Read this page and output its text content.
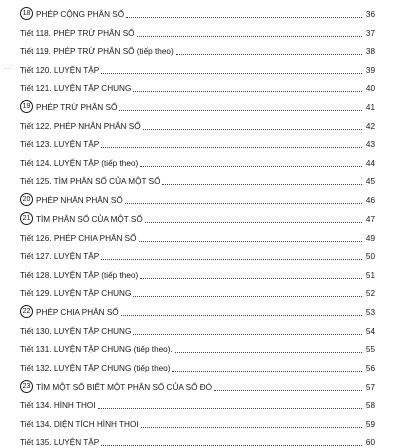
…:
18 PHÉP CỘNG PHÂN SỐ	36
Tiết 118. PHÉP TRỪ PHÂN SỐ	37
Tiết 119. PHÉP TRỪ PHÂN SỐ (tiếp theo)	38
Tiết 120. LUYỆN TẬP	39
Tiết 121. LUYỆN TẬP CHUNG	40
19 PHÉP TRỪ PHÂN SỐ	41
Tiết 122. PHÉP NHÂN PHÂN SỐ	42
Tiết 123. LUYỆN TẬP	43
Tiết 124. LUYỆN TẬP (tiếp theo)	44
Tiết 125. TÌM PHÂN SỐ CỦA MỘT SỐ	45
20 PHÉP NHÂN PHÂN SỐ	46
21 TÌM PHÂN SỐ CỦA MỘT SỐ	47
Tiết 126. PHÉP CHIA PHÂN SỐ	49
Tiết 127. LUYỆN TẬP	50
Tiết 128. LUYỆN TẬP (tiếp theo)	51
Tiết 129. LUYỆN TẬP CHUNG	52
22 PHÉP CHIA PHÂN SỐ	53
Tiết 130. LUYỆN TẬP CHUNG	54
Tiết 131. LUYỆN TẬP CHUNG (tiếp theo).	55
Tiết 132. LUYỆN TẬP CHUNG (tiếp theo)	56
23 TÌM MỘT SỐ BIẾT MỘT PHÂN SỐ CỦA SỐ ĐÓ	57
Tiết 134. HÌNH THOI	58
Tiết 134. DIỆN TÍCH HÌNH THOI	59
Tiết 135. LUYỆN TẬP	60
